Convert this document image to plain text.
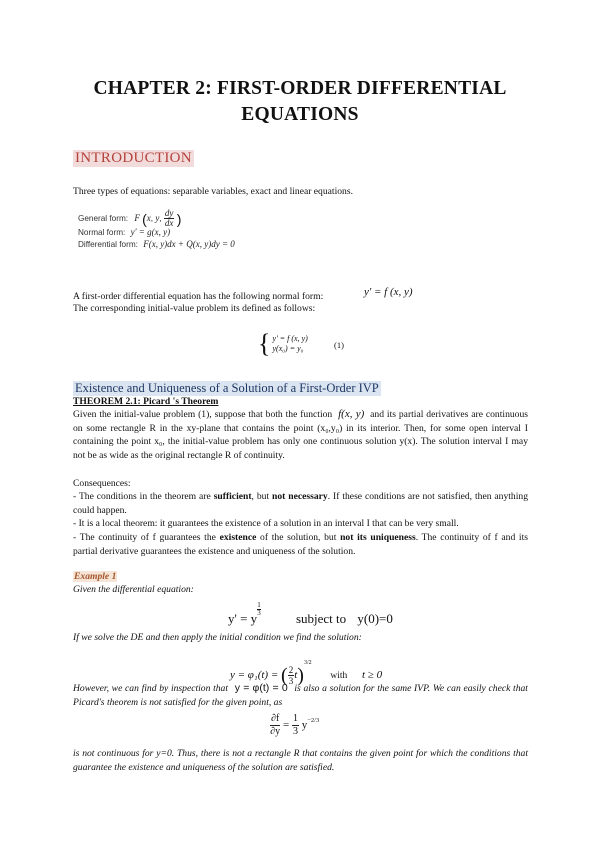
CHAPTER 2: FIRST-ORDER DIFFERENTIAL EQUATIONS
INTRODUCTION
Three types of equations: separable variables, exact and linear equations.
General form: F (x, y, $\frac{dy}{dx}$ )
Normal form: y' = g(x, y)
Differential form: F(x, y)dx + Q(x, y)dy = 0
A first-order differential equation has the following normal form:	y' = f (x, y)
The corresponding initial-value problem its defined as follows:
{ y' = f (x, y)
y(x₀) = y₀	(1)
Existence and Uniqueness of a Solution of a First-Order IVP
THEOREM 2.1: Picard 's Theorem
Given the initial-value problem (1), suppose that both the function f(x, y) and its partial derivatives are continuous on some rectangle R in the xy-plane that contains the point (x₀,y₀) in its interior. Then, for some open interval I containing the point x₀, the initial-value problem has only one continuous solution y(x). The solution interval I may not be as wide as the original rectangle R of continuity.
Consequences:
- The conditions in the theorem are sufficient, but not necessary. If these conditions are not satisfied, then anything could happen.
- It is a local theorem: it guarantees the existence of a solution in an interval I that can be very small.
- The continuity of f guarantees the existence of the solution, but not its uniqueness. The continuity of f and its partial derivative guarantees the existence and uniqueness of the solution.
Example 1
Given the differential equation:
y' = y
$\frac{1}{3}$
subject to y(0)=0
If we solve the DE and then apply the initial condition we find the solution:
y = φ₁(t) = ( $\frac{2}{3} t)^{3/2}$ with t ≥ 0
However, we can find by inspection that y = φ(t) = 0 is also a solution for the same IVP. We can easily check that Picard's theorem is not satisfied for the given point, as
$\frac{\partial f}{\partial y} = \frac{1}{3} y^{-2/3}$
is not continuous for y=0. Thus, there is not a rectangle R that contains the given point for which the conditions that guarantee the existence and uniqueness of the solution are satisfied.
